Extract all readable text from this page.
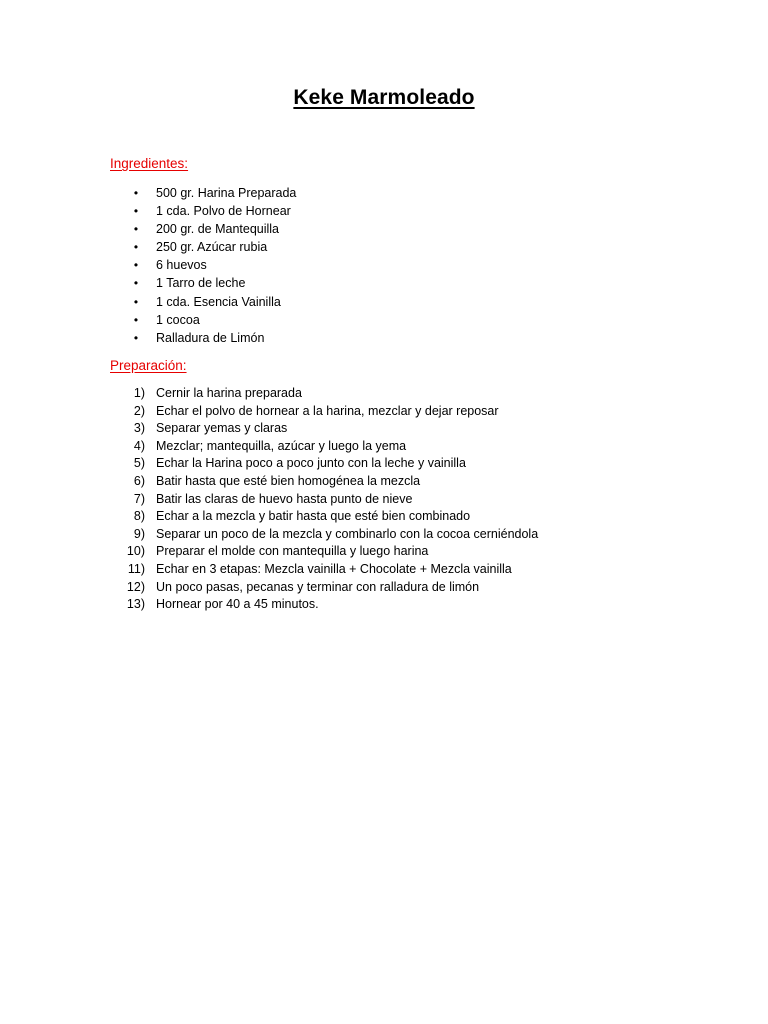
Keke Marmoleado
Ingredientes:
•	500 gr. Harina Preparada
•	1 cda. Polvo de Hornear
•	200 gr. de Mantequilla
•	250 gr. Azúcar rubia
•	6 huevos
•	1 Tarro de leche
•	1 cda. Esencia Vainilla
•	1 cocoa
•	Ralladura de Limón
Preparación:
1) Cernir la harina preparada
2) Echar el polvo de hornear a la harina, mezclar y dejar reposar
3) Separar yemas y claras
4) Mezclar; mantequilla, azúcar y luego la yema
5) Echar la Harina poco a poco junto con la leche y vainilla
6) Batir hasta que esté bien homogénea la mezcla
7) Batir las claras de huevo hasta punto de nieve
8) Echar a la mezcla y batir hasta que esté bien combinado
9) Separar un poco de la mezcla y combinarlo con la cocoa cerniéndola
10) Preparar el molde con mantequilla y luego harina
11) Echar en 3 etapas: Mezcla vainilla + Chocolate + Mezcla vainilla
12) Un poco pasas, pecanas y terminar con ralladura de limón
13) Hornear por 40 a 45 minutos.
